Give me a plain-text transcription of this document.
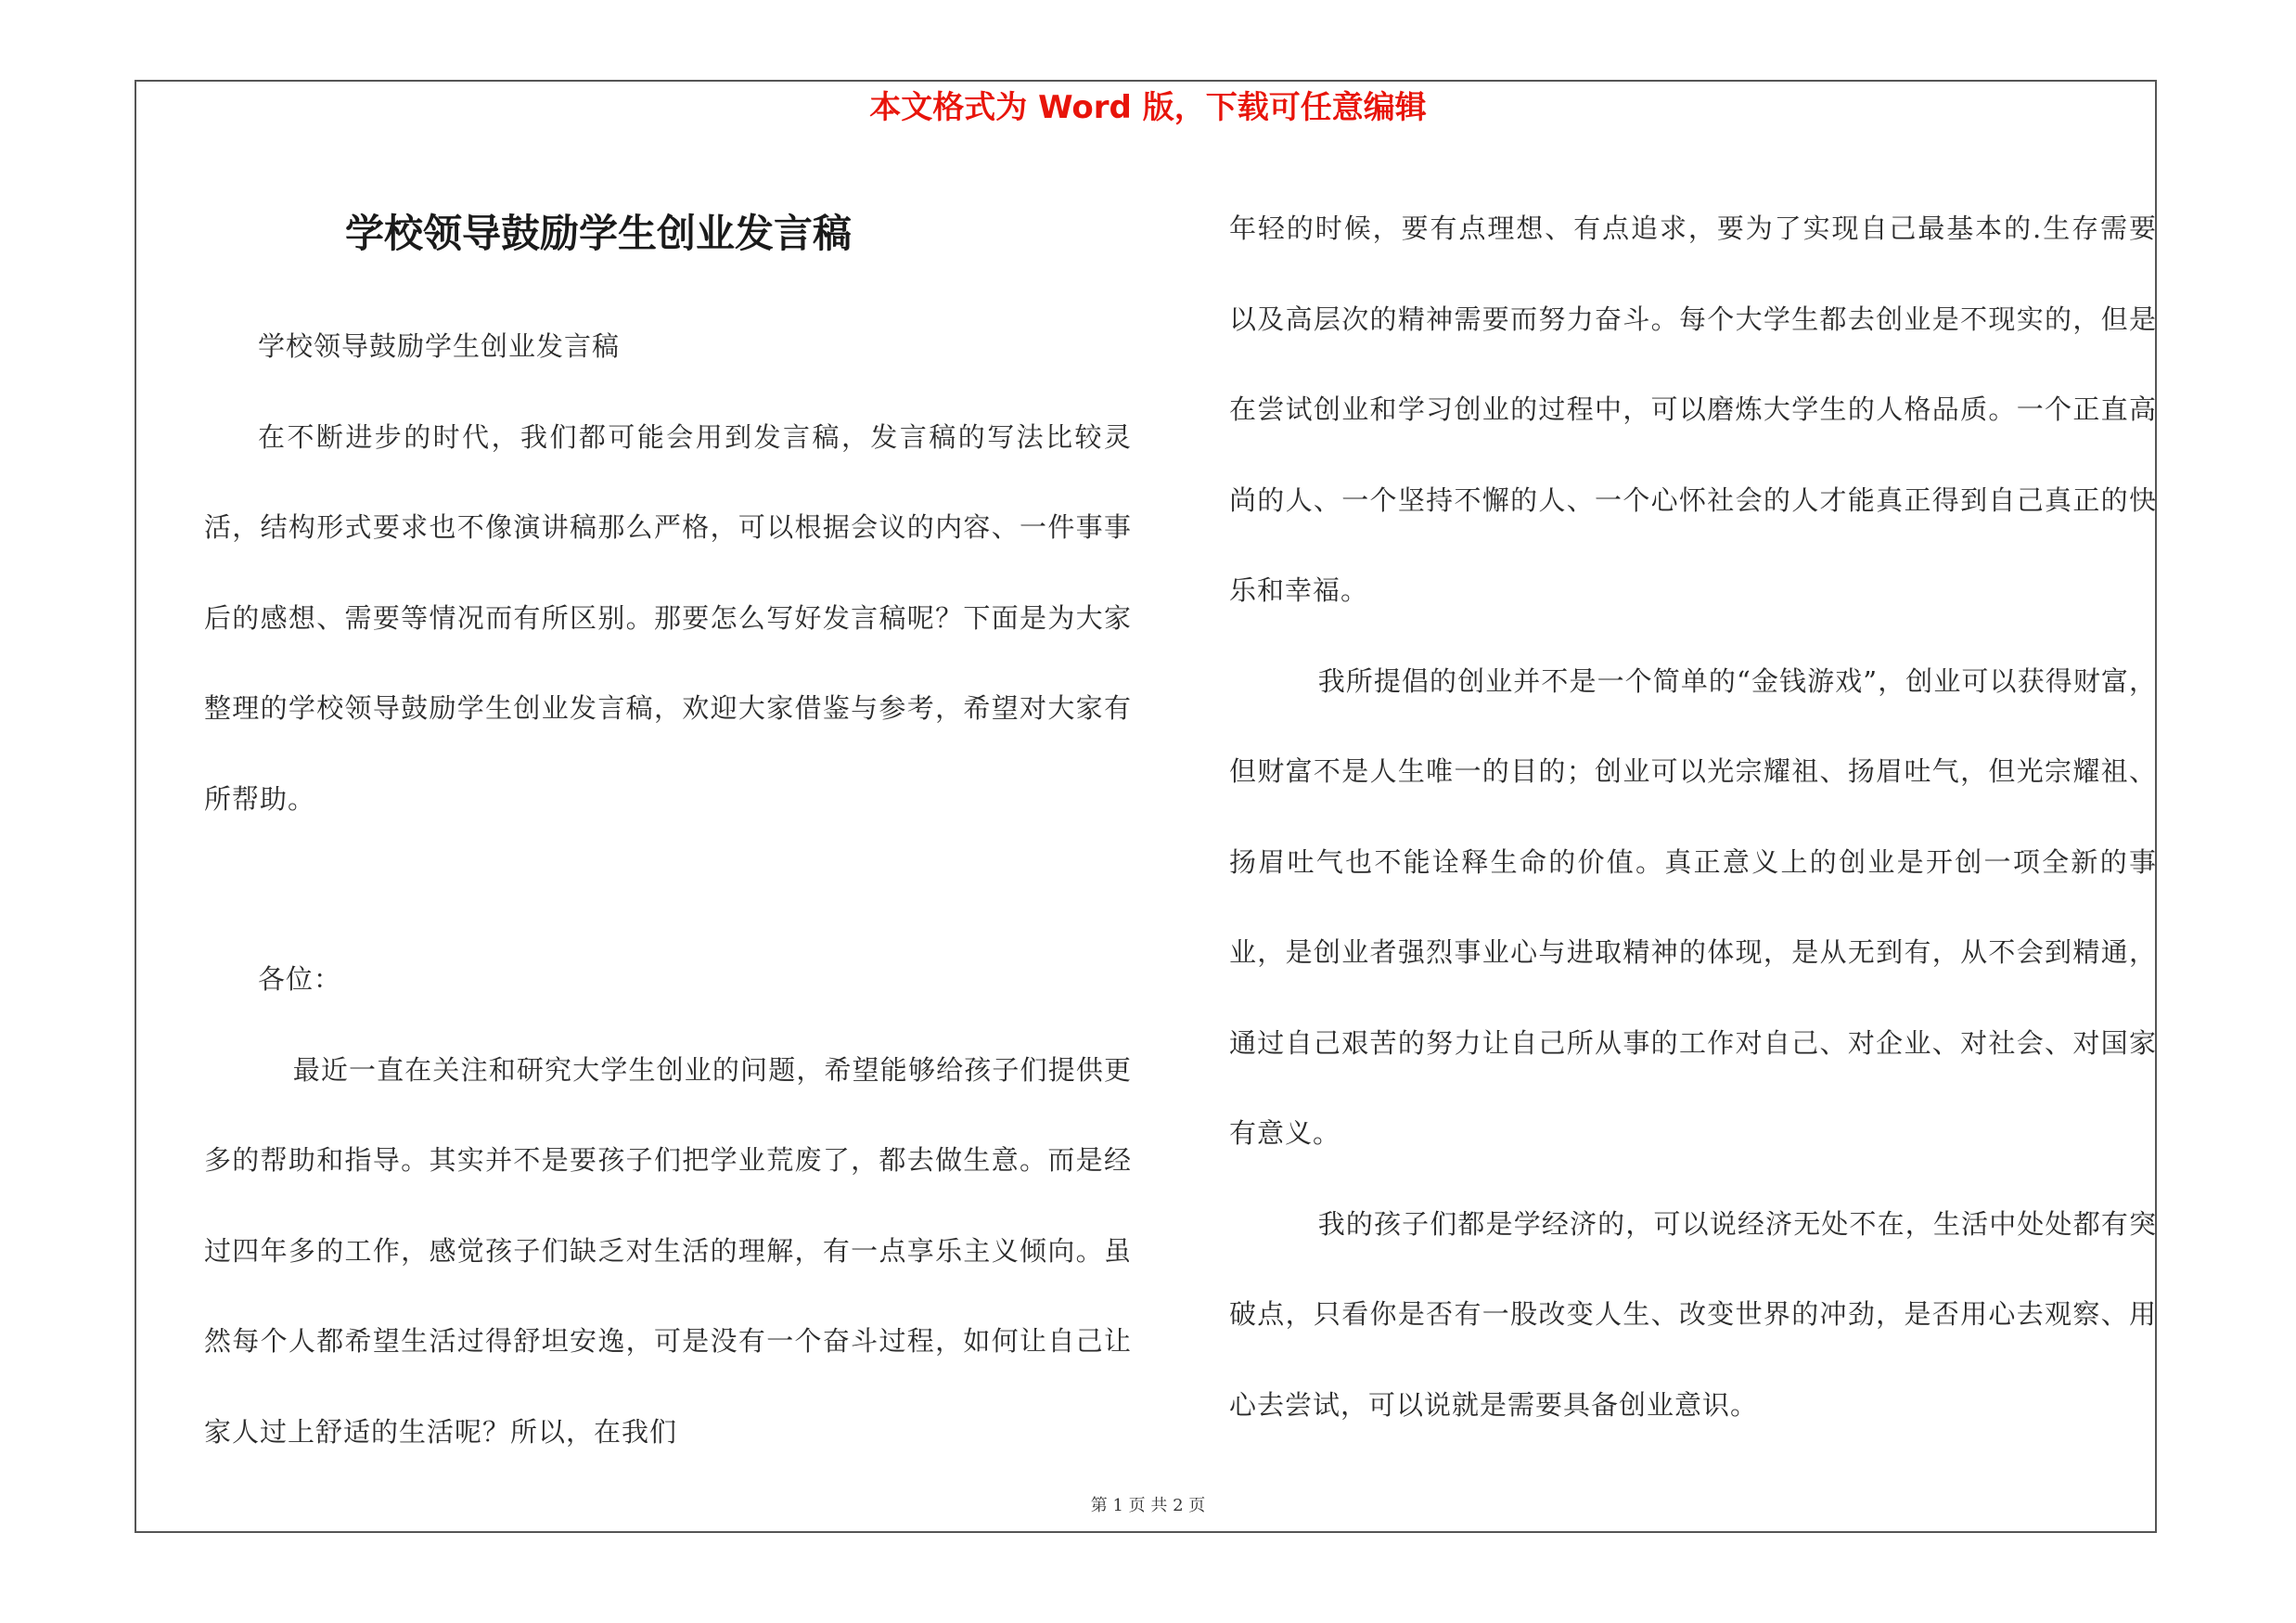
本文格式为 Word 版，下载可任意编辑
学校领导鼓励学生创业发言稿

学校领导鼓励学生创业发言稿

在不断进步的时代，我们都可能会用到发言稿，发言稿的写法比较灵活，结构形式要求也不像演讲稿那么严格，可以根据会议的内容、一件事事后的感想、需要等情况而有所区别。那要怎么写好发言稿呢？下面是为大家整理的学校领导鼓励学生创业发言稿，欢迎大家借鉴与参考，希望对大家有所帮助。

各位：

最近一直在关注和研究大学生创业的问题，希望能够给孩子们提供更多的帮助和指导。其实并不是要孩子们把学业荒废了，都去做生意。而是经过四年多的工作，感觉孩子们缺乏对生活的理解，有一点享乐主义倾向。虽然每个人都希望生活过得舒坦安逸，可是没有一个奋斗过程，如何让自己让家人过上舒适的生活呢？所以，在我们

年轻的时候，要有点理想、有点追求，要为了实现自己最基本的.生存需要以及高层次的精神需要而努力奋斗。每个大学生都去创业是不现实的，但是在尝试创业和学习创业的过程中，可以磨炼大学生的人格品质。一个正直高尚的人、一个坚持不懈的人、一个心怀社会的人才能真正得到自己真正的快乐和幸福。

我所提倡的创业并不是一个简单的“金钱游戏”，创业可以获得财富，但财富不是人生唯一的目的；创业可以光宗耀祖、扬眉吐气，但光宗耀祖、扬眉吐气也不能诠释生命的价值。真正意义上的创业是开创一项全新的事业，是创业者强烈事业心与进取精神的体现，是从无到有，从不会到精通，通过自己艰苦的努力让自己所从事的工作对自己、对企业、对社会、对国家有意义。

我的孩子们都是学经济的，可以说经济无处不在，生活中处处都有突破点，只看你是否有一股改变人生、改变世界的冲劲，是否用心去观察、用心去尝试，可以说就是需要具备创业意识。

第 1 页 共 2 页
